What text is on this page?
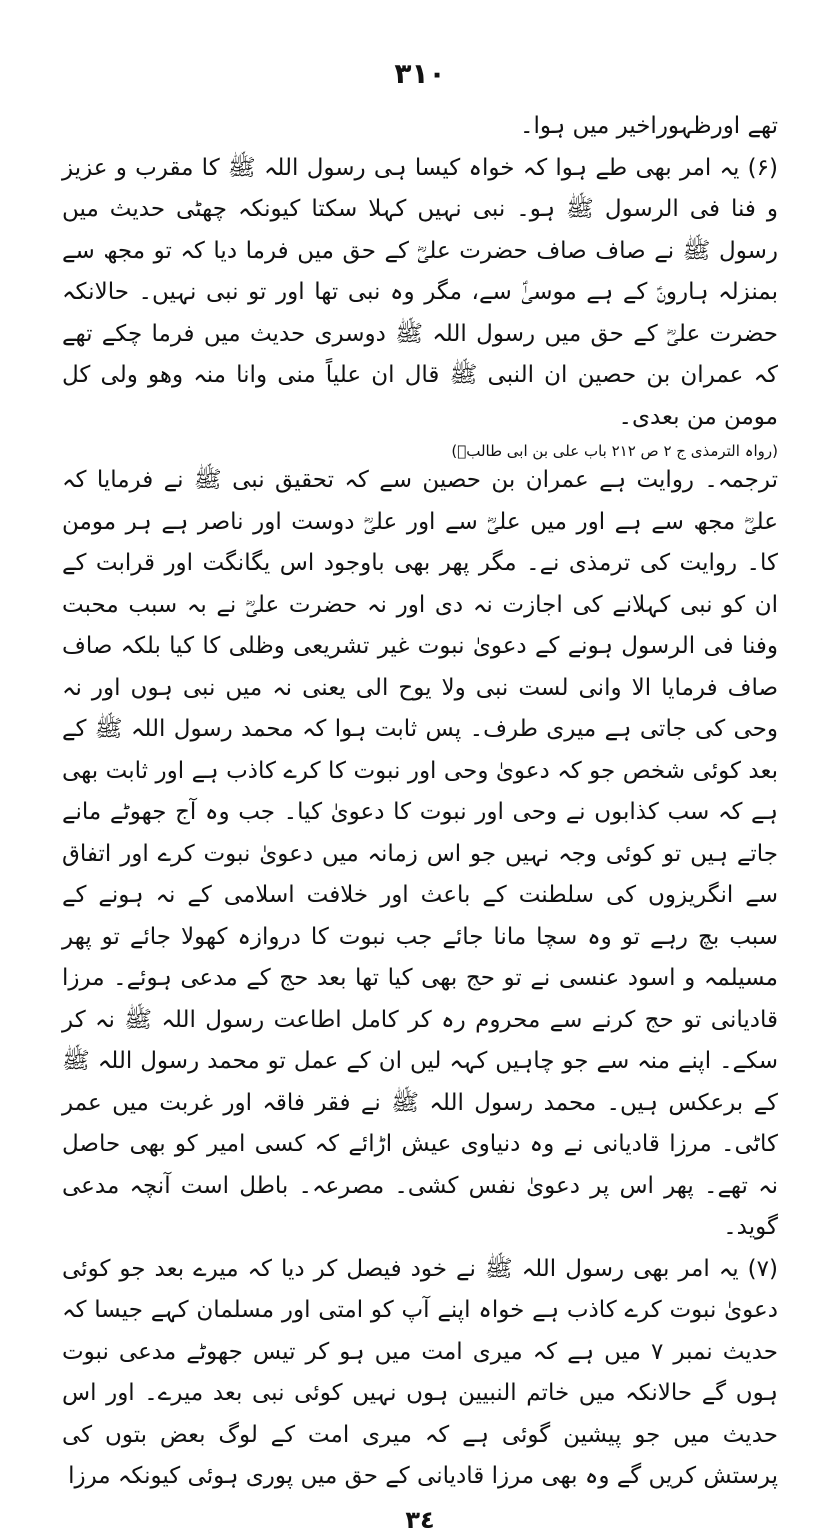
٣١٠

تھے اورظہوراخیر میں ہوا۔

(۶) یہ امر بھی طے ہوا کہ خواہ کیسا ہی رسول اللہ ﷺ کا مقرب و عزیز و فنا فی الرسول ﷺ ہو۔ نبی نہیں کہلا سکتا کیونکہ چھٹی حدیث میں رسول ﷺ نے صاف صاف حضرت علیؓ کے حق میں فرما دیا کہ تو مجھ سے بمنزلہ ہارونؑ کے ہے موسیٰؑ سے، مگر وہ نبی تھا اور تو نبی نہیں۔ حالانکہ حضرت علیؓ کے حق میں رسول اللہ ﷺ دوسری حدیث میں فرما چکے تھے کہ عمران بن حصین ان النبی ﷺ قال ان علیاً منی وانا منہ وھو ولی کل مومن من بعدی۔

(رواہ الترمذی ج ۲ ص ۲۱۲ باب علی بن ابی طالبؓ)

ترجمہ۔ روایت ہے عمران بن حصین سے کہ تحقیق نبی ﷺ نے فرمایا کہ علیؓ مجھ سے ہے اور میں علیؓ سے اور علیؓ دوست اور ناصر ہے ہر مومن کا۔ روایت کی ترمذی نے۔ مگر پھر بھی باوجود اس یگانگت اور قرابت کے ان کو نبی کہلانے کی اجازت نہ دی اور نہ حضرت علیؓ نے بہ سبب محبت وفنا فی الرسول ہونے کے دعویٰ نبوت غیر تشریعی وظلی کا کیا بلکہ صاف صاف فرمایا الا وانی لست نبی ولا یوح الی یعنی نہ میں نبی ہوں اور نہ وحی کی جاتی ہے میری طرف۔ پس ثابت ہوا کہ محمد رسول اللہ ﷺ کے بعد کوئی شخص جو کہ دعویٰ وحی اور نبوت کا کرے کاذب ہے اور ثابت بھی ہے کہ سب کذابوں نے وحی اور نبوت کا دعویٰ کیا۔ جب وہ آج جھوٹے مانے جاتے ہیں تو کوئی وجہ نہیں جو اس زمانہ میں دعویٰ نبوت کرے اور اتفاق سے انگریزوں کی سلطنت کے باعث اور خلافت اسلامی کے نہ ہونے کے سبب بچ رہے تو وہ سچا مانا جائے جب نبوت کا دروازہ کھولا جائے تو پھر مسیلمہ و اسود عنسی نے تو حج بھی کیا تھا بعد حج کے مدعی ہوئے۔ مرزا قادیانی تو حج کرنے سے محروم رہ کر کامل اطاعت رسول اللہ ﷺ نہ کر سکے۔ اپنے منہ سے جو چاہیں کہہ لیں ان کے عمل تو محمد رسول اللہ ﷺ کے برعکس ہیں۔ محمد رسول اللہ ﷺ نے فقر فاقہ اور غربت میں عمر کاٹی۔ مرزا قادیانی نے وہ دنیاوی عیش اڑائے کہ کسی امیر کو بھی حاصل نہ تھے۔ پھر اس پر دعویٰ نفس کشی۔ مصرعہ۔ باطل است آنچہ مدعی گوید۔

(۷) یہ امر بھی رسول اللہ ﷺ نے خود فیصل کر دیا کہ میرے بعد جو کوئی دعویٰ نبوت کرے کاذب ہے خواہ اپنے آپ کو امتی اور مسلمان کہے جیسا کہ حدیث نمبر ۷ میں ہے کہ میری امت میں ہو کر تیس جھوٹے مدعی نبوت ہوں گے حالانکہ میں خاتم النبیین ہوں نہیں کوئی نبی بعد میرے۔ اور اس حدیث میں جو پیشین گوئی ہے کہ میری امت کے لوگ بعض بتوں کی پرستش کریں گے وہ بھی مرزا قادیانی کے حق میں پوری ہوئی کیونکہ مرزا

٣٤
